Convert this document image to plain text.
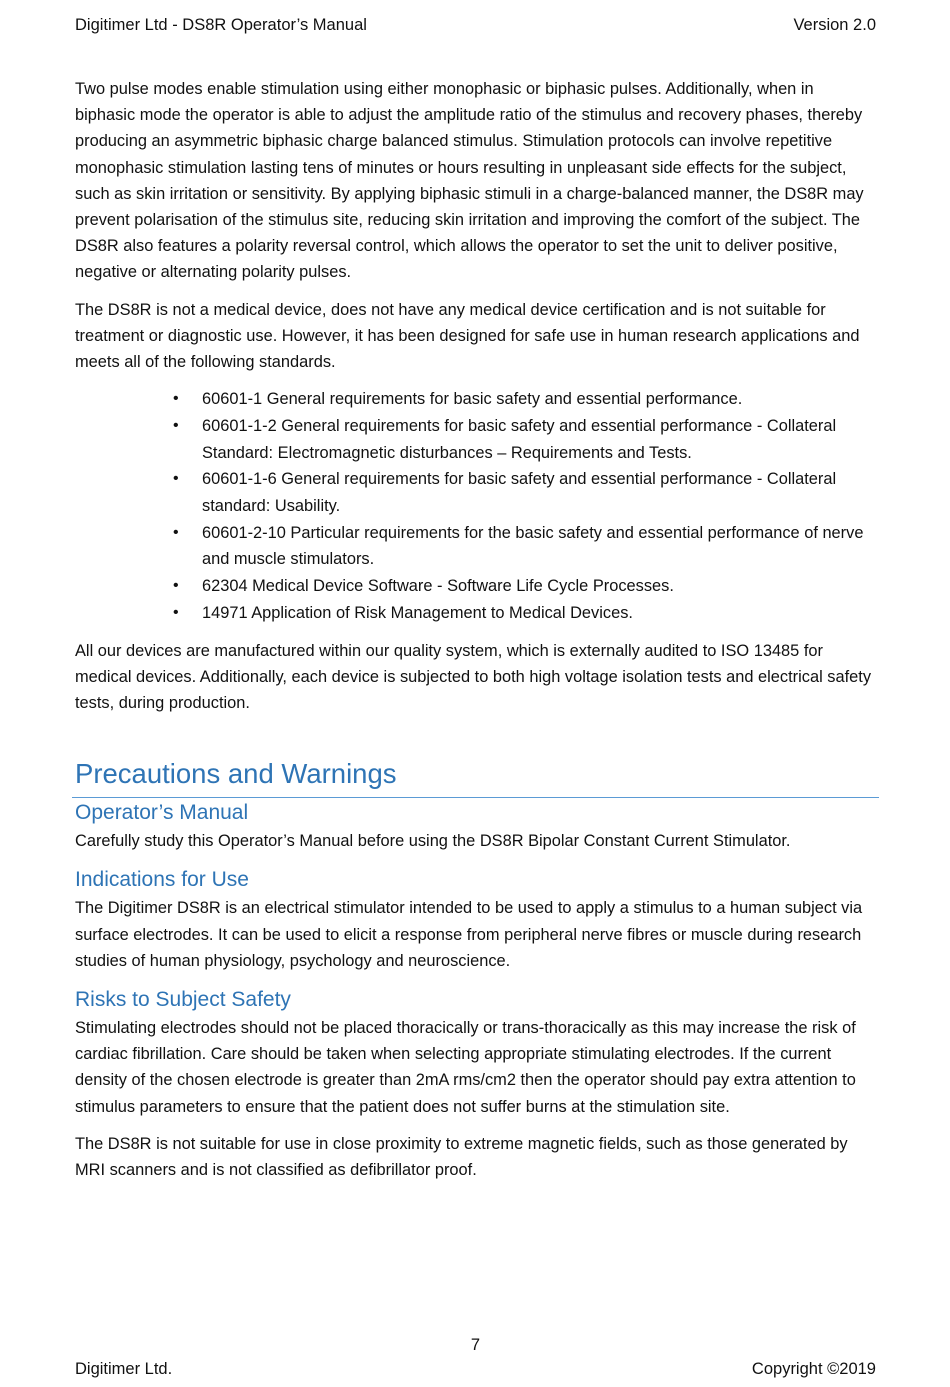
Digitimer Ltd - DS8R Operator’s Manual	Version 2.0

Two pulse modes enable stimulation using either monophasic or biphasic pulses. Additionally, when in biphasic mode the operator is able to adjust the amplitude ratio of the stimulus and recovery phases, thereby producing an asymmetric biphasic charge balanced stimulus. Stimulation protocols can involve repetitive monophasic stimulation lasting tens of minutes or hours resulting in unpleasant side effects for the subject, such as skin irritation or sensitivity. By applying biphasic stimuli in a charge-balanced manner, the DS8R may prevent polarisation of the stimulus site, reducing skin irritation and improving the comfort of the subject. The DS8R also features a polarity reversal control, which allows the operator to set the unit to deliver positive, negative or alternating polarity pulses.

The DS8R is not a medical device, does not have any medical device certification and is not suitable for treatment or diagnostic use. However, it has been designed for safe use in human research applications and meets all of the following standards.

• 60601-1 General requirements for basic safety and essential performance.
• 60601-1-2 General requirements for basic safety and essential performance - Collateral Standard: Electromagnetic disturbances – Requirements and Tests.
• 60601-1-6 General requirements for basic safety and essential performance - Collateral standard: Usability.
• 60601-2-10 Particular requirements for the basic safety and essential performance of nerve and muscle stimulators.
• 62304 Medical Device Software - Software Life Cycle Processes.
• 14971 Application of Risk Management to Medical Devices.

All our devices are manufactured within our quality system, which is externally audited to ISO 13485 for medical devices. Additionally, each device is subjected to both high voltage isolation tests and electrical safety tests, during production.

Precautions and Warnings
Operator’s Manual

Carefully study this Operator’s Manual before using the DS8R Bipolar Constant Current Stimulator.

Indications for Use

The Digitimer DS8R is an electrical stimulator intended to be used to apply a stimulus to a human subject via surface electrodes. It can be used to elicit a response from peripheral nerve fibres or muscle during research studies of human physiology, psychology and neuroscience.

Risks to Subject Safety

Stimulating electrodes should not be placed thoracically or trans-thoracically as this may increase the risk of cardiac fibrillation. Care should be taken when selecting appropriate stimulating electrodes. If the current density of the chosen electrode is greater than 2mA rms/cm2 then the operator should pay extra attention to stimulus parameters to ensure that the patient does not suffer burns at the stimulation site.

The DS8R is not suitable for use in close proximity to extreme magnetic fields, such as those generated by MRI scanners and is not classified as defibrillator proof.

7
Digitimer Ltd.	Copyright ©2019
